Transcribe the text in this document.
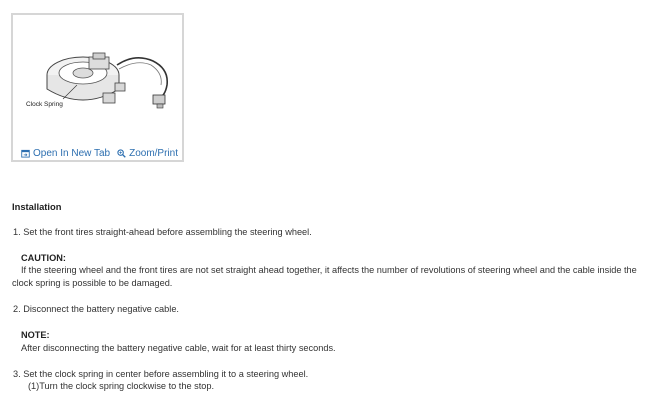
Clock Spring
Open In New Tab Zoom/Print
Installation
1. Set the front tires straight-ahead before assembling the steering wheel.
CAUTION:
If the steering wheel and the front tires are not set straight ahead together, it affects the number of revolutions of steering wheel and the cable inside the
clock spring is possible to be damaged.
2. Disconnect the battery negative cable.
NOTE:
After disconnecting the battery negative cable, wait for at least thirty seconds.
3. Set the clock spring in center before assembling it to a steering wheel.
(1)Turn the clock spring clockwise to the stop.
